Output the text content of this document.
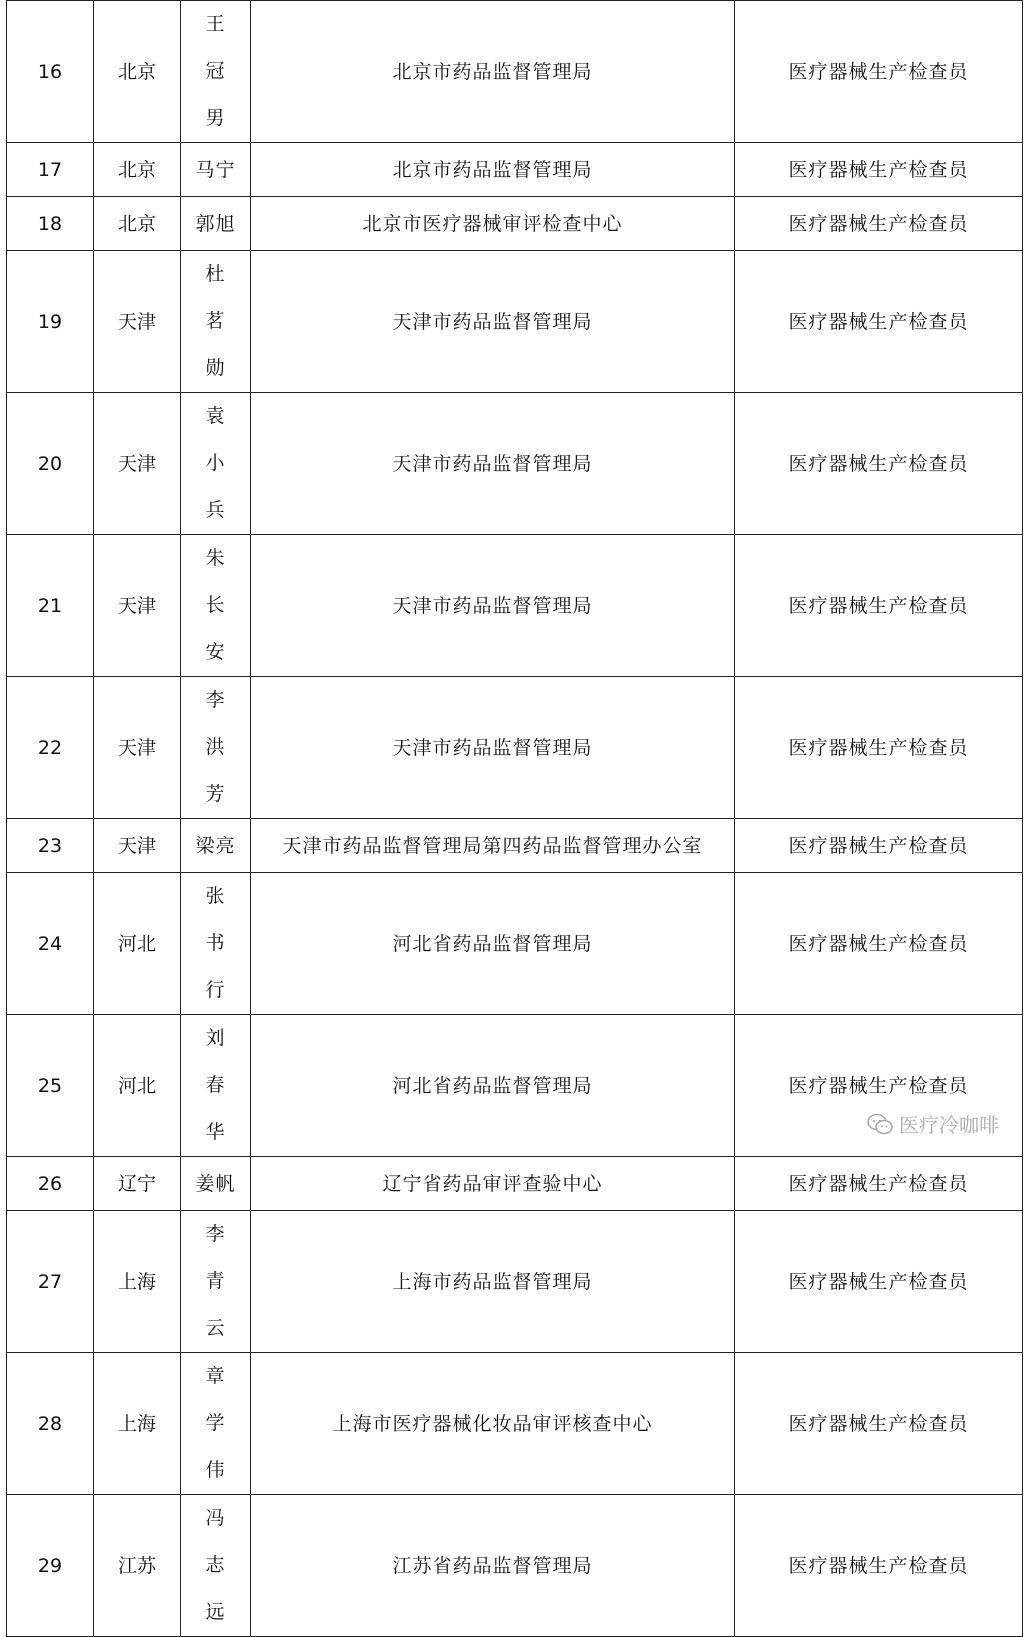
16	北京	王冠男	北京市药品监督管理局	医疗器械生产检查员
17	北京	马宁	北京市药品监督管理局	医疗器械生产检查员
18	北京	郭旭	北京市医疗器械审评检查中心	医疗器械生产检查员
19	天津	杜茗勋	天津市药品监督管理局	医疗器械生产检查员
20	天津	袁小兵	天津市药品监督管理局	医疗器械生产检查员
21	天津	朱长安	天津市药品监督管理局	医疗器械生产检查员
22	天津	李洪芳	天津市药品监督管理局	医疗器械生产检查员
23	天津	梁亮	天津市药品监督管理局第四药品监督管理办公室	医疗器械生产检查员
24	河北	张书行	河北省药品监督管理局	医疗器械生产检查员
25	河北	刘春华	河北省药品监督管理局	医疗器械生产检查员
26	辽宁	姜帆	辽宁省药品审评查验中心	医疗器械生产检查员
27	上海	李青云	上海市药品监督管理局	医疗器械生产检查员
28	上海	章学伟	上海市医疗器械化妆品审评核查中心	医疗器械生产检查员
29	江苏	冯志远	江苏省药品监督管理局	医疗器械生产检查员
医疗冷咖啡
